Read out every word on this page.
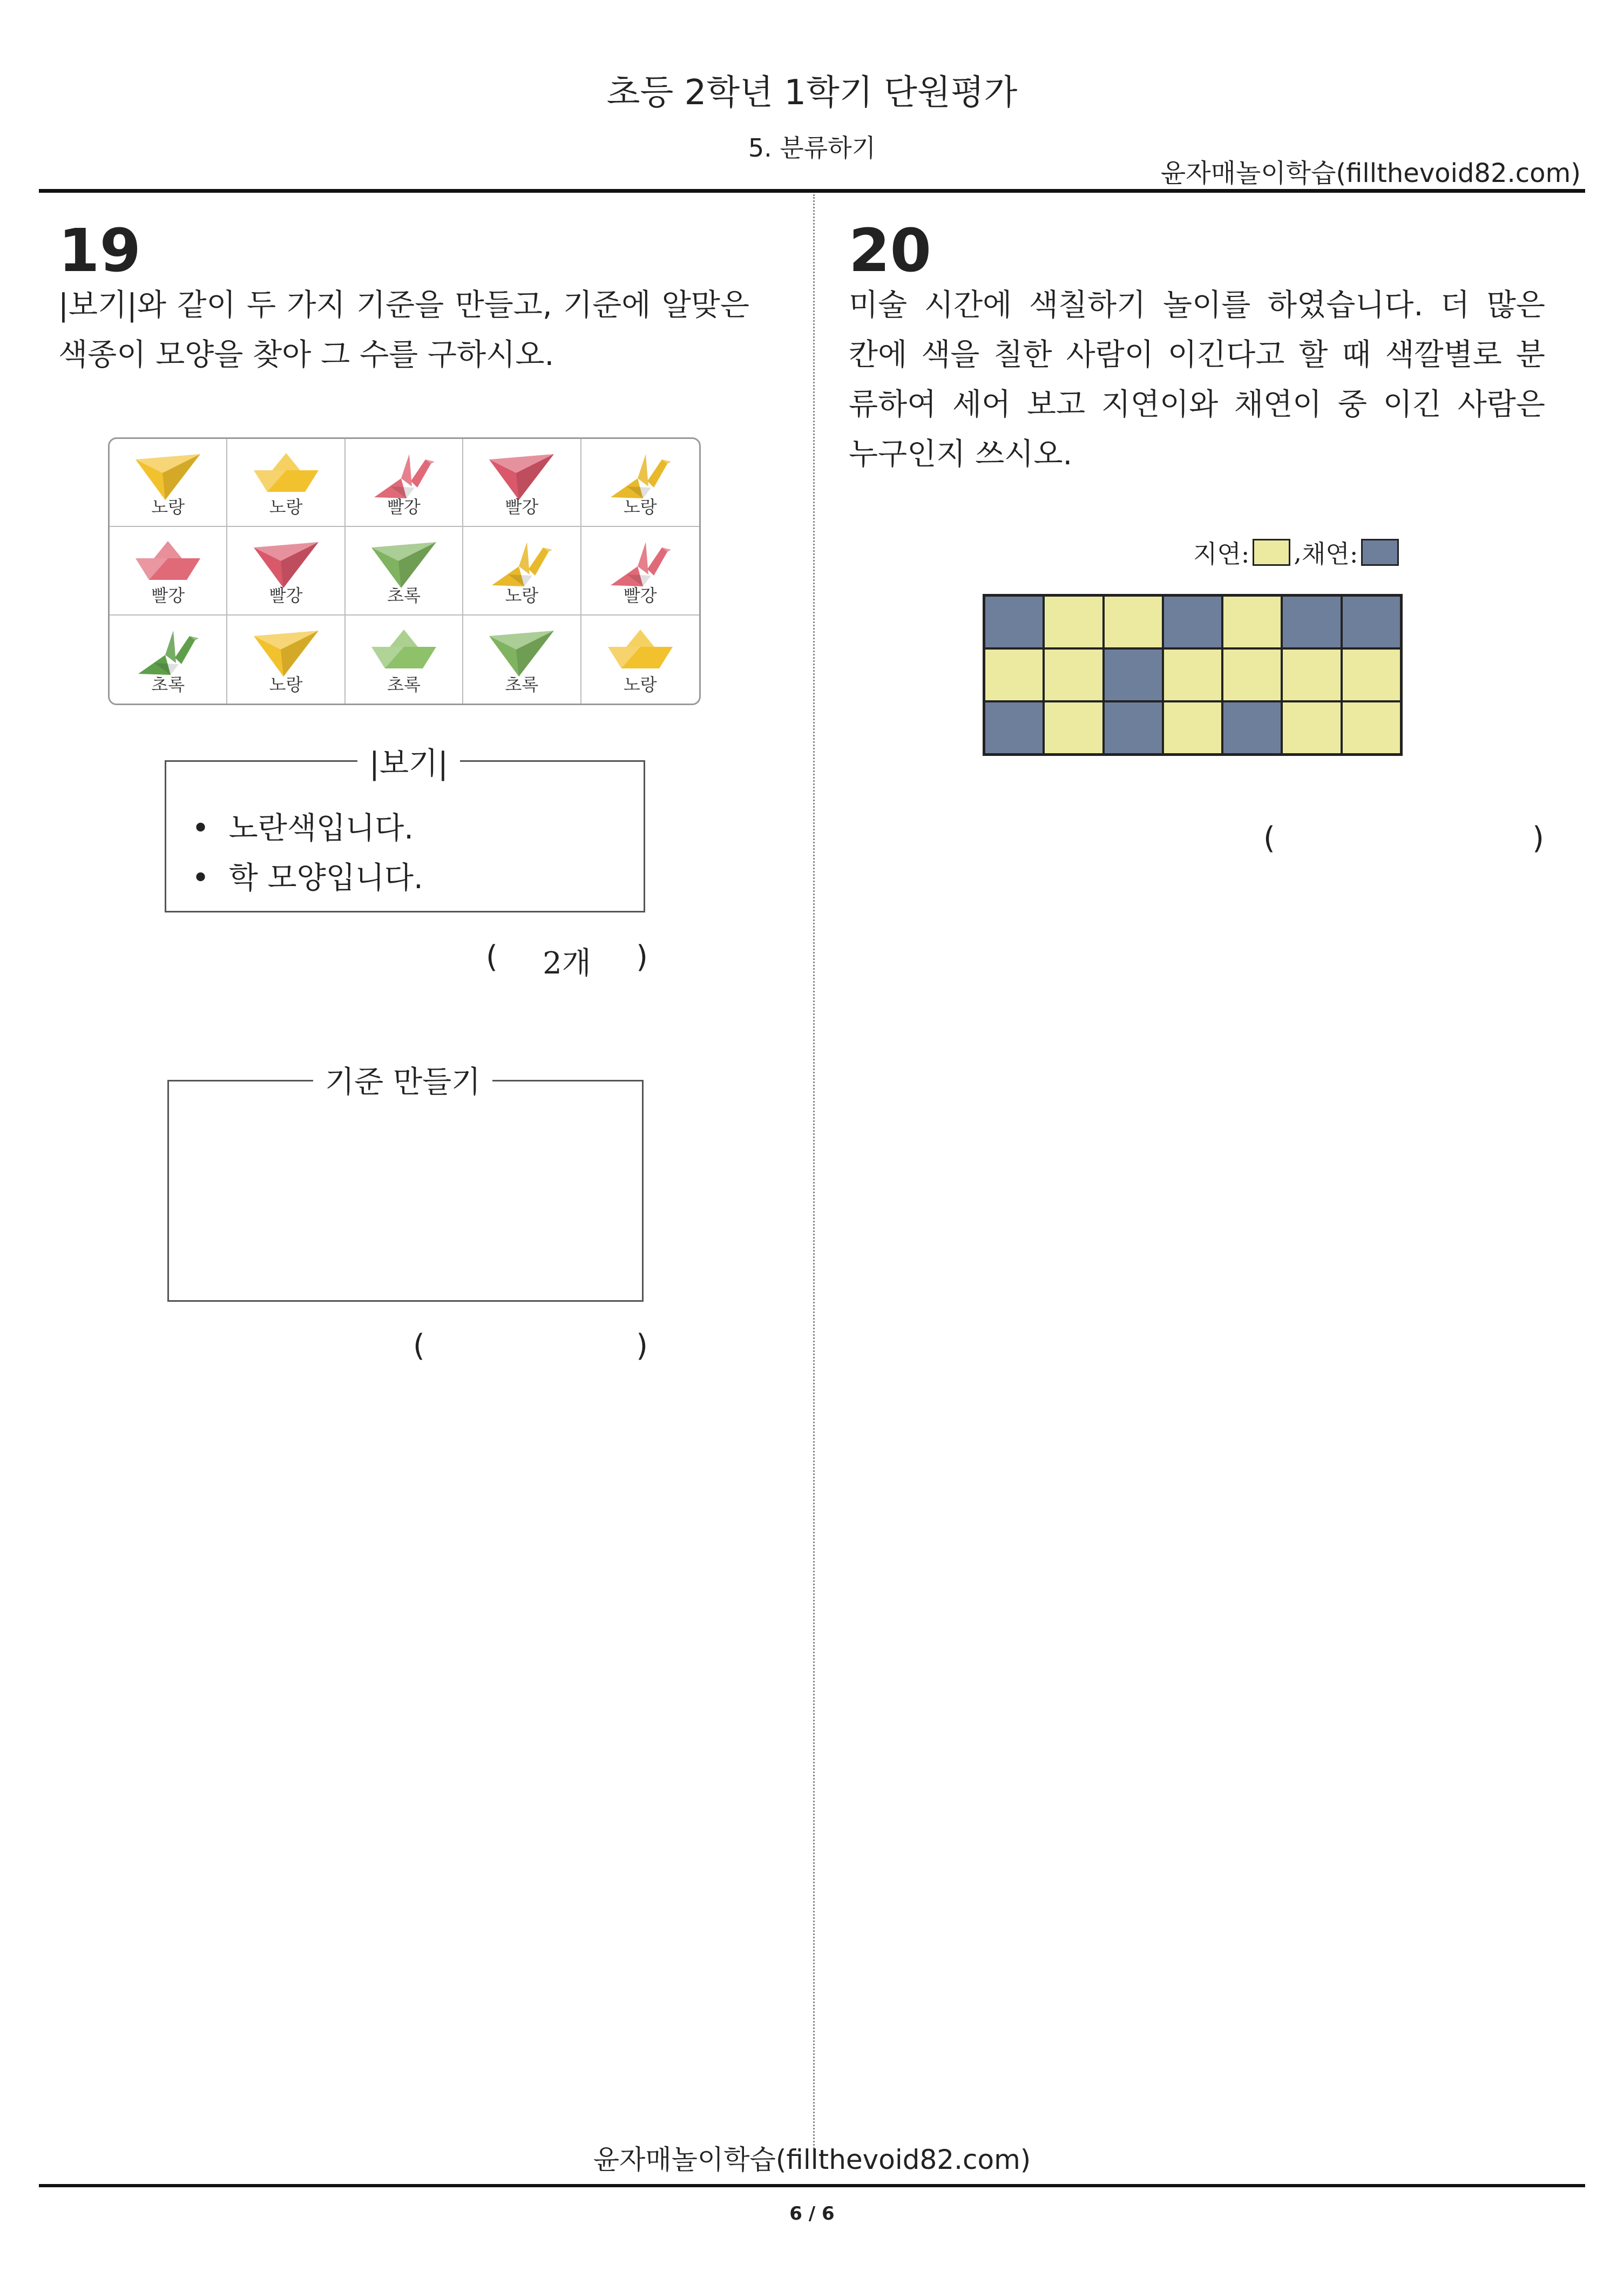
초등 2학년 1학기 단원평가
5. 분류하기
윤자매놀이학습(fillthevoid82.com)
19
|보기|와 같이 두 가지 기준을 만들고, 기준에 알맞은
색종이 모양을 찾아 그 수를 구하시오.
노랑	노랑	빨강	빨강	노랑
빨강	빨강	초록	노랑	빨강
초록	노랑	초록	초록	노랑
|보기|
• 노란색입니다.
• 학 모양입니다.
( 2개 )
기준 만들기
(	)
20
미술 시간에 색칠하기 놀이를 하였습니다. 더 많은
칸에 색을 칠한 사람이 이긴다고 할 때 색깔별로 분
류하여 세어 보고 지연이와 채연이 중 이긴 사람은
누구인지 쓰시오.
지연: , 채연:
(	)
윤자매놀이학습(fillthevoid82.com)
6 / 6
